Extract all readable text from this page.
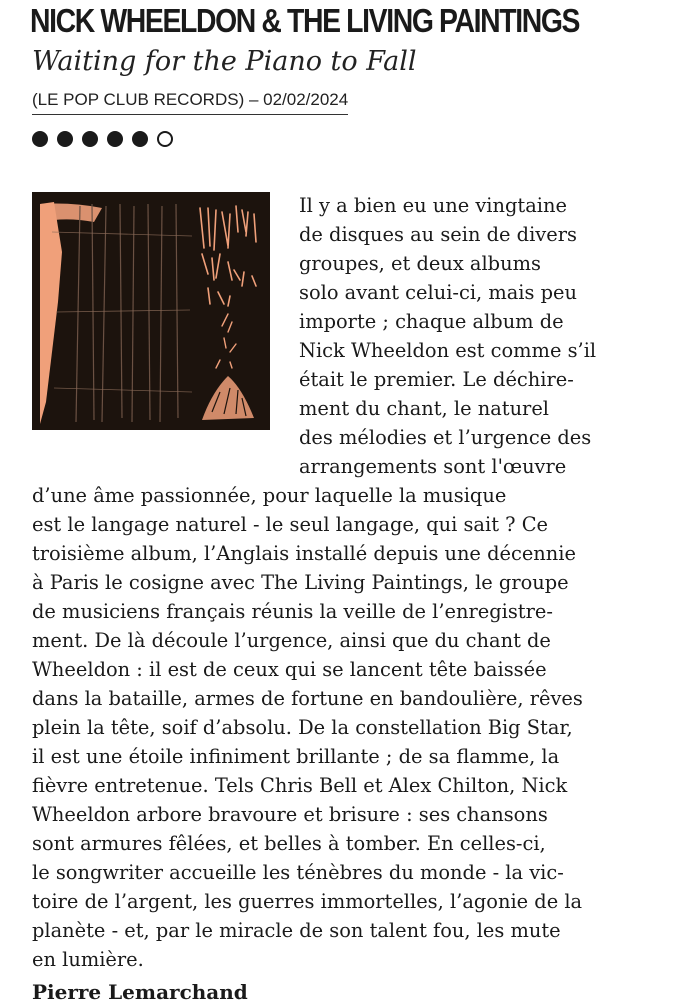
NICK WHEELDON & THE LIVING PAINTINGS
Waiting for the Piano to Fall
(LE POP CLUB RECORDS) – 02/02/2024
Il y a bien eu une vingtaine
de disques au sein de divers
groupes, et deux albums
solo avant celui-ci, mais peu
importe ; chaque album de
Nick Wheeldon est comme s’il
était le premier. Le déchire-
ment du chant, le naturel
des mélodies et l’urgence des
arrangements sont l'œuvre
d’une âme passionnée, pour laquelle la musique
est le langage naturel - le seul langage, qui sait ? Ce
troisième album, l’Anglais installé depuis une décennie
à Paris le cosigne avec The Living Paintings, le groupe
de musiciens français réunis la veille de l’enregistre-
ment. De là découle l’urgence, ainsi que du chant de
Wheeldon : il est de ceux qui se lancent tête baissée
dans la bataille, armes de fortune en bandoulière, rêves
plein la tête, soif d’absolu. De la constellation Big Star,
il est une étoile infiniment brillante ; de sa flamme, la
fièvre entretenue. Tels Chris Bell et Alex Chilton, Nick
Wheeldon arbore bravoure et brisure : ses chansons
sont armures fêlées, et belles à tomber. En celles-ci,
le songwriter accueille les ténèbres du monde - la vic-
toire de l’argent, les guerres immortelles, l’agonie de la
planète - et, par le miracle de son talent fou, les mute
en lumière.
Pierre Lemarchand
